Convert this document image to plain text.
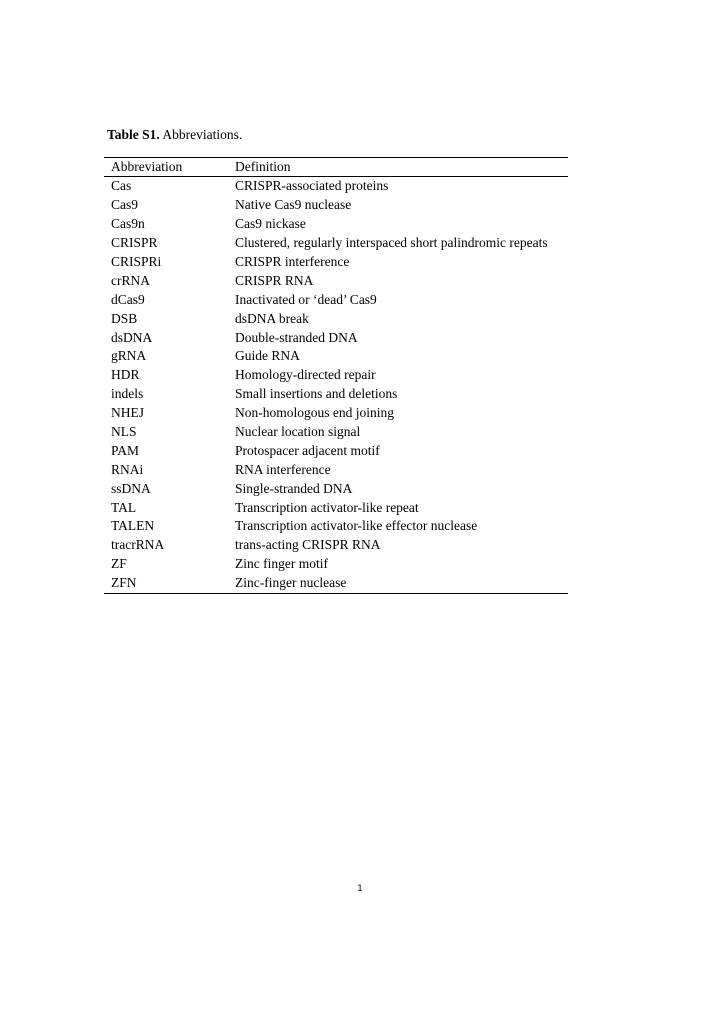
Table S1. Abbreviations.
Abbreviation	Definition
Cas	CRISPR-associated proteins
Cas9	Native Cas9 nuclease
Cas9n	Cas9 nickase
CRISPR	Clustered, regularly interspaced short palindromic repeats
CRISPRi	CRISPR interference
crRNA	CRISPR RNA
dCas9	Inactivated or ‘dead’ Cas9
DSB	dsDNA break
dsDNA	Double-stranded DNA
gRNA	Guide RNA
HDR	Homology-directed repair
indels	Small insertions and deletions
NHEJ	Non-homologous end joining
NLS	Nuclear location signal
PAM	Protospacer adjacent motif
RNAi	RNA interference
ssDNA	Single-stranded DNA
TAL	Transcription activator-like repeat
TALEN	Transcription activator-like effector nuclease
tracrRNA	trans-acting CRISPR RNA
ZF	Zinc finger motif
ZFN	Zinc-finger nuclease
1
